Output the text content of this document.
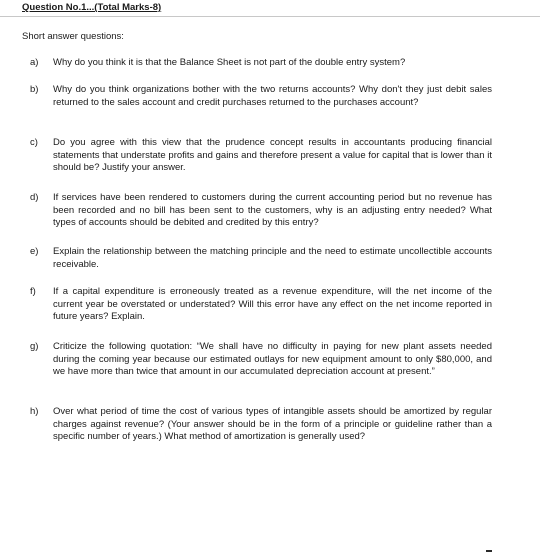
Question No.1...(Total Marks-8)
Short answer questions:
a) Why do you think it is that the Balance Sheet is not part of the double entry system?
b) Why do you think organizations bother with the two returns accounts? Why don't they just debit sales returned to the sales account and credit purchases returned to the purchases account?
c) Do you agree with this view that the prudence concept results in accountants producing financial statements that understate profits and gains and therefore present a value for capital that is lower than it should be? Justify your answer.
d) If services have been rendered to customers during the current accounting period but no revenue has been recorded and no bill has been sent to the customers, why is an adjusting entry needed? What types of accounts should be debited and credited by this entry?
e) Explain the relationship between the matching principle and the need to estimate uncollectible accounts receivable.
f) If a capital expenditure is erroneously treated as a revenue expenditure, will the net income of the current year be overstated or understated? Will this error have any effect on the net income reported in future years? Explain.
g) Criticize the following quotation: “We shall have no difficulty in paying for new plant assets needed during the coming year because our estimated outlays for new equipment amount to only $80,000, and we have more than twice that amount in our accumulated depreciation account at present.”
h) Over what period of time the cost of various types of intangible assets should be amortized by regular charges against revenue? (Your answer should be in the form of a principle or guideline rather than a specific number of years.) What method of amortization is generally used?
